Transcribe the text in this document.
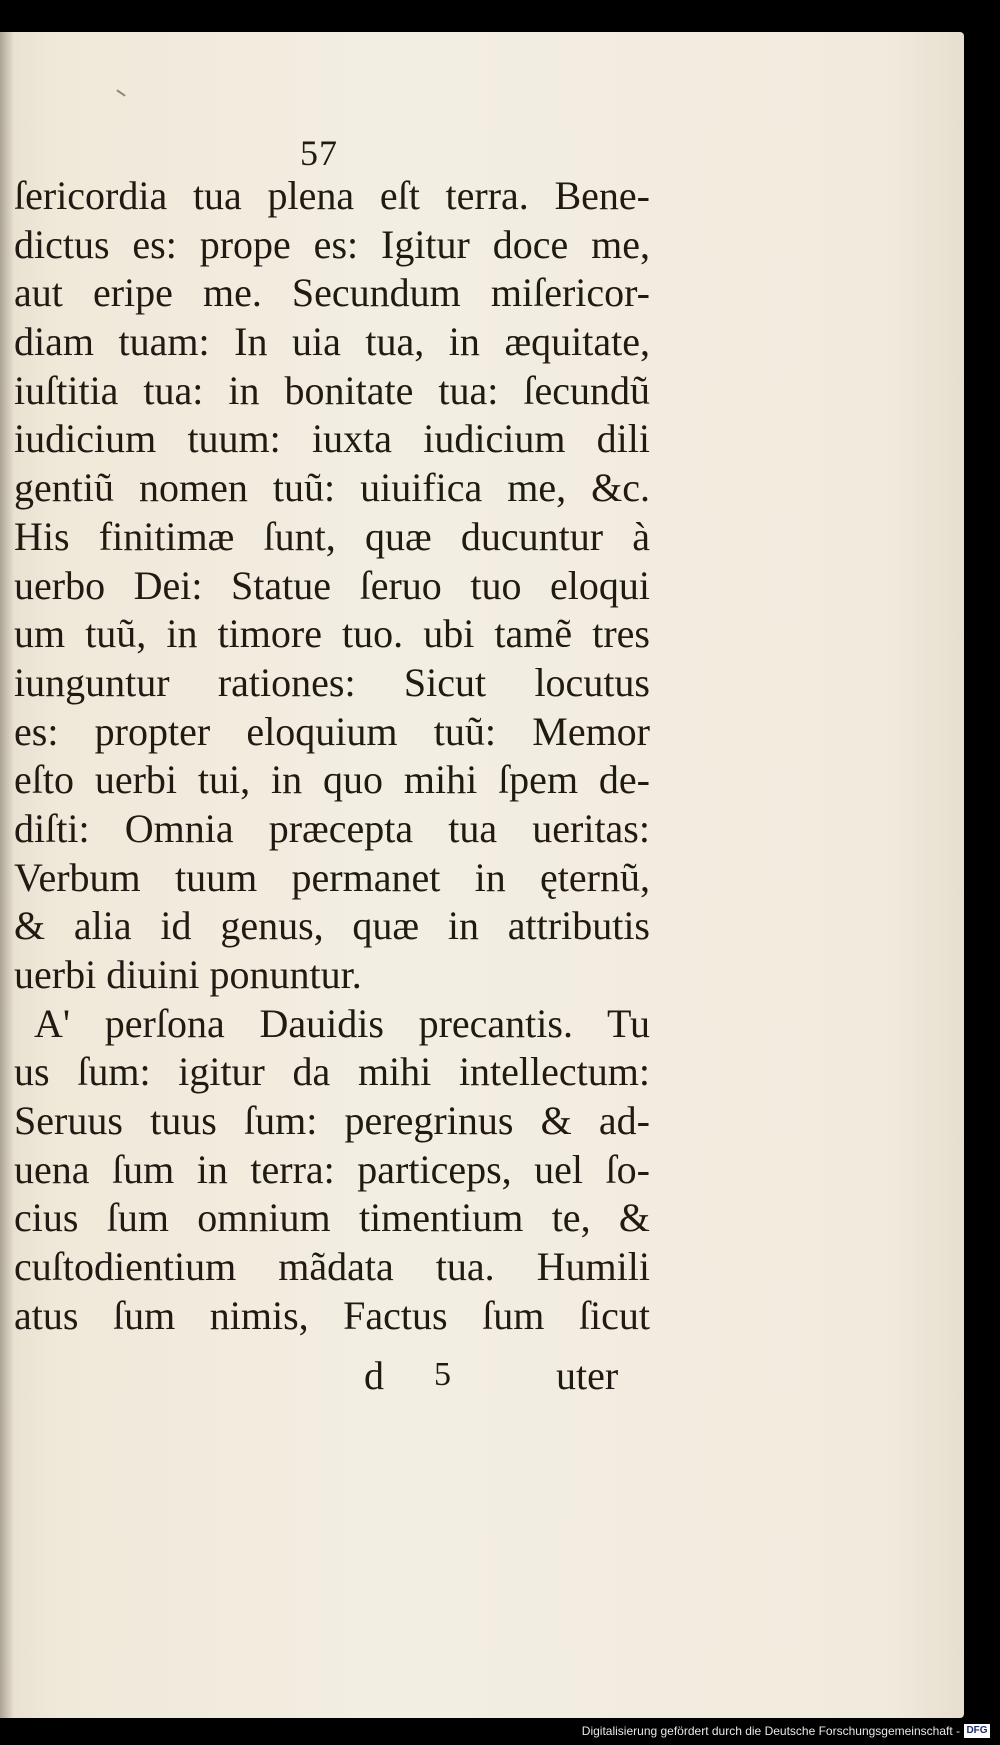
57
ſericordia tua plena eſt terra. Bene-
dictus es: prope es: Igitur doce me,
aut eripe me. Secundum miſericor-
diam tuam: In uia tua, in æquitate,
iuſtitia tua: in bonitate tua: ſecundũ
iudicium tuum: iuxta iudicium dili
gentiũ nomen tuũ: uiuifica me, &c.
His finitimæ ſunt, quæ ducuntur à
uerbo Dei: Statue ſeruo tuo eloqui
um tuũ, in timore tuo. ubi tamẽ tres
iunguntur rationes: Sicut locutus
es: propter eloquium tuũ: Memor
eſto uerbi tui, in quo mihi ſpem de-
diſti: Omnia præcepta tua ueritas:
Verbum tuum permanet in ęternũ,
& alia id genus, quæ in attributis
uerbi diuini ponuntur.
A' perſona Dauidis precantis. Tu
us ſum: igitur da mihi intellectum:
Seruus tuus ſum: peregrinus & ad-
uena ſum in terra: particeps, uel ſo-
cius ſum omnium timentium te, &
cuſtodientium mãdata tua. Humili
atus ſum nimis, Factus ſum ſicut
d 5	uter
Digitalisierung gefördert durch die Deutsche Forschungsgemeinschaft - DFG
